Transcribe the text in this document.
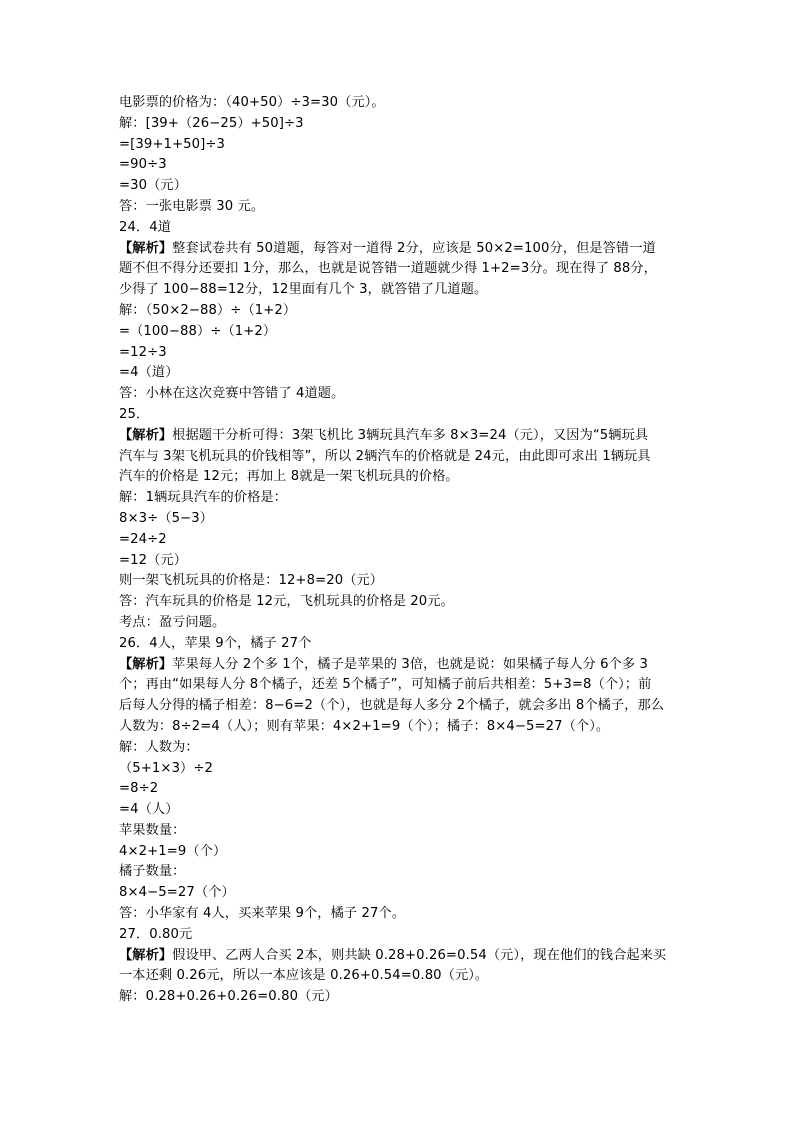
电影票的价格为：（40+50）÷3=30（元）。
解：[39+（26−25）+50]÷3
=[39+1+50]÷3
=90÷3
=30（元）
答：一张电影票 30 元。
24．4道
【解析】整套试卷共有 50道题，每答对一道得 2分，应该是 50×2=100分，但是答错一道
题不但不得分还要扣 1分，那么，也就是说答错一道题就少得 1+2=3分。现在得了 88分，
少得了 100−88=12分，12里面有几个 3，就答错了几道题。
解：（50×2−88）÷（1+2）
=（100−88）÷（1+2）
=12÷3
=4（道）
答：小林在这次竞赛中答错了 4道题。
25．
【解析】根据题干分析可得：3架飞机比 3辆玩具汽车多 8×3=24（元），又因为“5辆玩具
汽车与 3架飞机玩具的价钱相等”，所以 2辆汽车的价格就是 24元，由此即可求出 1辆玩具
汽车的价格是 12元；再加上 8就是一架飞机玩具的价格。
解：1辆玩具汽车的价格是：
8×3÷（5−3）
=24÷2
=12（元）
则一架飞机玩具的价格是：12+8=20（元）
答：汽车玩具的价格是 12元，飞机玩具的价格是 20元。
考点：盈亏问题。
26．4人，苹果 9个，橘子 27个
【解析】苹果每人分 2个多 1个，橘子是苹果的 3倍，也就是说：如果橘子每人分 6个多 3
个；再由“如果每人分 8个橘子，还差 5个橘子”，可知橘子前后共相差：5+3=8（个）；前
后每人分得的橘子相差：8−6=2（个），也就是每人多分 2个橘子，就会多出 8个橘子，那么
人数为：8÷2=4（人）；则有苹果：4×2+1=9（个）；橘子：8×4−5=27（个）。
解：人数为：
（5+1×3）÷2
=8÷2
=4（人）
苹果数量：
4×2+1=9（个）
橘子数量：
8×4−5=27（个）
答：小华家有 4人，买来苹果 9个，橘子 27个。
27．0.80元
【解析】假设甲、乙两人合买 2本，则共缺 0.28+0.26=0.54（元），现在他们的钱合起来买
一本还剩 0.26元，所以一本应该是 0.26+0.54=0.80（元）。
解：0.28+0.26+0.26=0.80（元）
